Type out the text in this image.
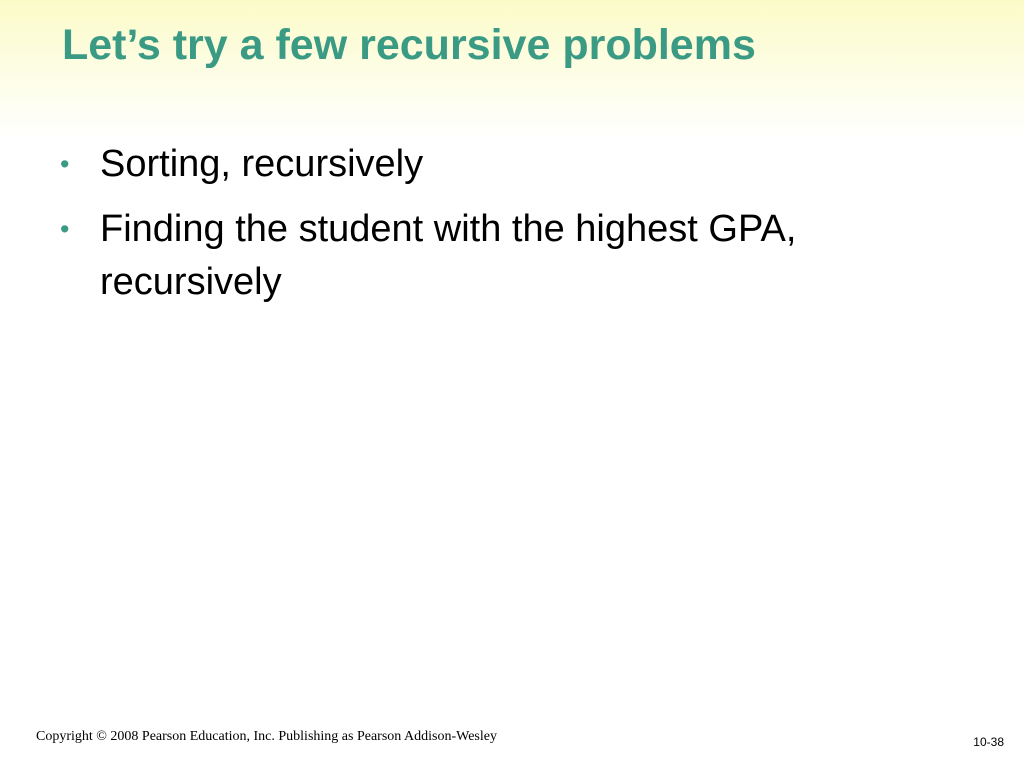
Let’s try a few recursive problems
• Sorting, recursively
• Finding the student with the highest GPA, recursively
Copyright © 2008 Pearson Education, Inc. Publishing as Pearson Addison-Wesley	10-38
